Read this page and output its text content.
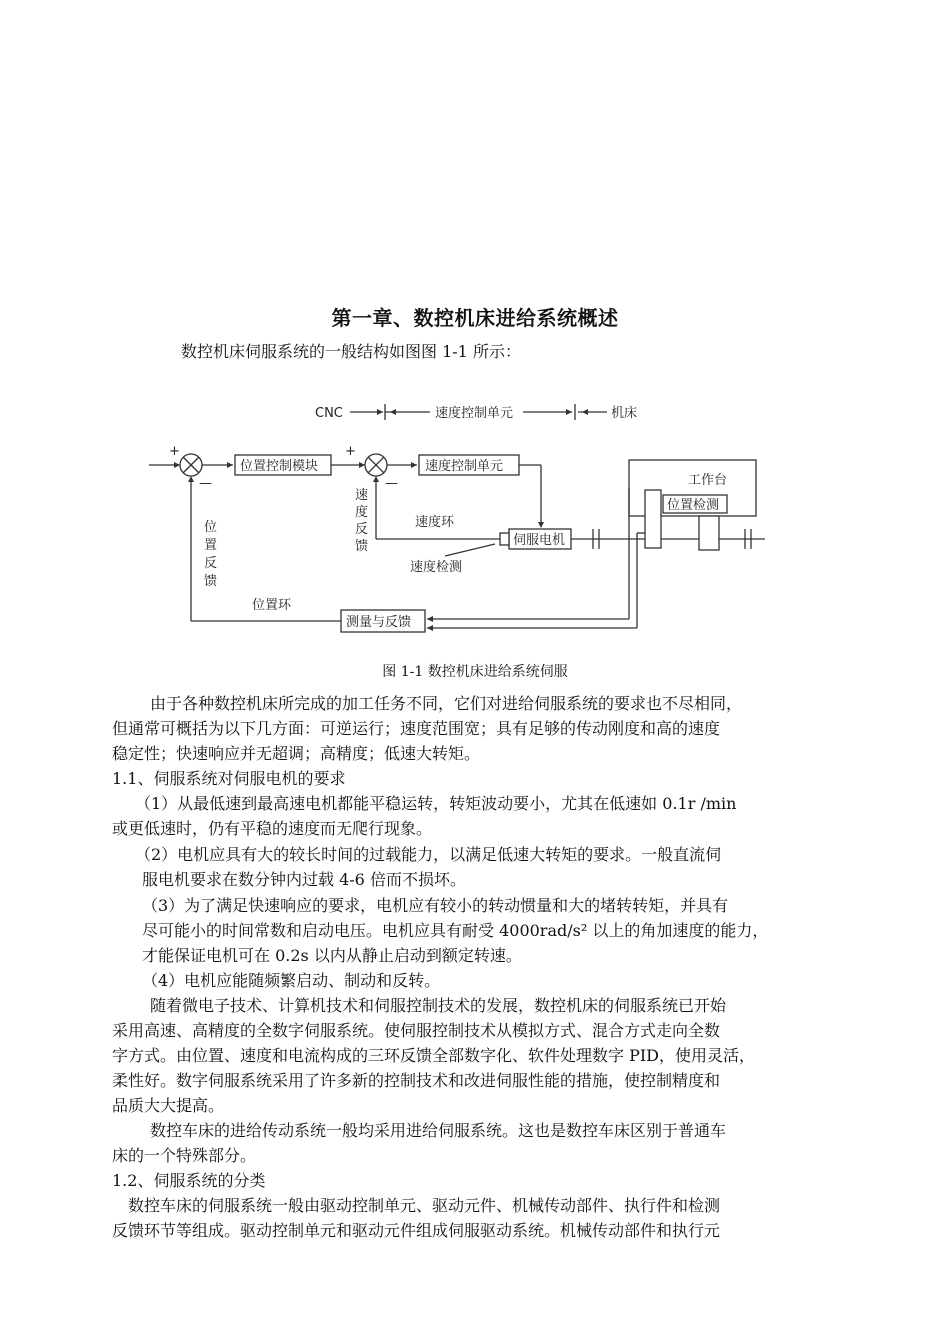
第一章、数控机床进给系统概述
数控机床伺服系统的一般结构如图图 1-1 所示：
CNC	速度控制单元	机床
+
—
位置控制模块
+
—
速度控制单元
伺服电机
速
度
反
馈
速度环
速度检测
工作台
位置检测
测量与反馈
位
置
反
馈
位置环
图 1-1 数控机床进给系统伺服
由于各种数控机床所完成的加工任务不同，它们对进给伺服系统的要求也不尽相同，
但通常可概括为以下几方面：可逆运行；速度范围宽；具有足够的传动刚度和高的速度
稳定性；快速响应并无超调；高精度；低速大转矩。
1.1、伺服系统对伺服电机的要求
（1）从最低速到最高速电机都能平稳运转，转矩波动要小，尤其在低速如 0.1r /min
或更低速时，仍有平稳的速度而无爬行现象。
（2）电机应具有大的较长时间的过载能力，以满足低速大转矩的要求。一般直流伺
服电机要求在数分钟内过载 4-6 倍而不损坏。
（3）为了满足快速响应的要求，电机应有较小的转动惯量和大的堵转转矩，并具有
尽可能小的时间常数和启动电压。电机应具有耐受 4000rad/s² 以上的角加速度的能力，
才能保证电机可在 0.2s 以内从静止启动到额定转速。
（4）电机应能随频繁启动、制动和反转。
随着微电子技术、计算机技术和伺服控制技术的发展，数控机床的伺服系统已开始
采用高速、高精度的全数字伺服系统。使伺服控制技术从模拟方式、混合方式走向全数
字方式。由位置、速度和电流构成的三环反馈全部数字化、软件处理数字 PID，使用灵活，
柔性好。数字伺服系统采用了许多新的控制技术和改进伺服性能的措施，使控制精度和
品质大大提高。
数控车床的进给传动系统一般均采用进给伺服系统。这也是数控车床区别于普通车
床的一个特殊部分。
1.2、伺服系统的分类
数控车床的伺服系统一般由驱动控制单元、驱动元件、机械传动部件、执行件和检测
反馈环节等组成。驱动控制单元和驱动元件组成伺服驱动系统。机械传动部件和执行元
